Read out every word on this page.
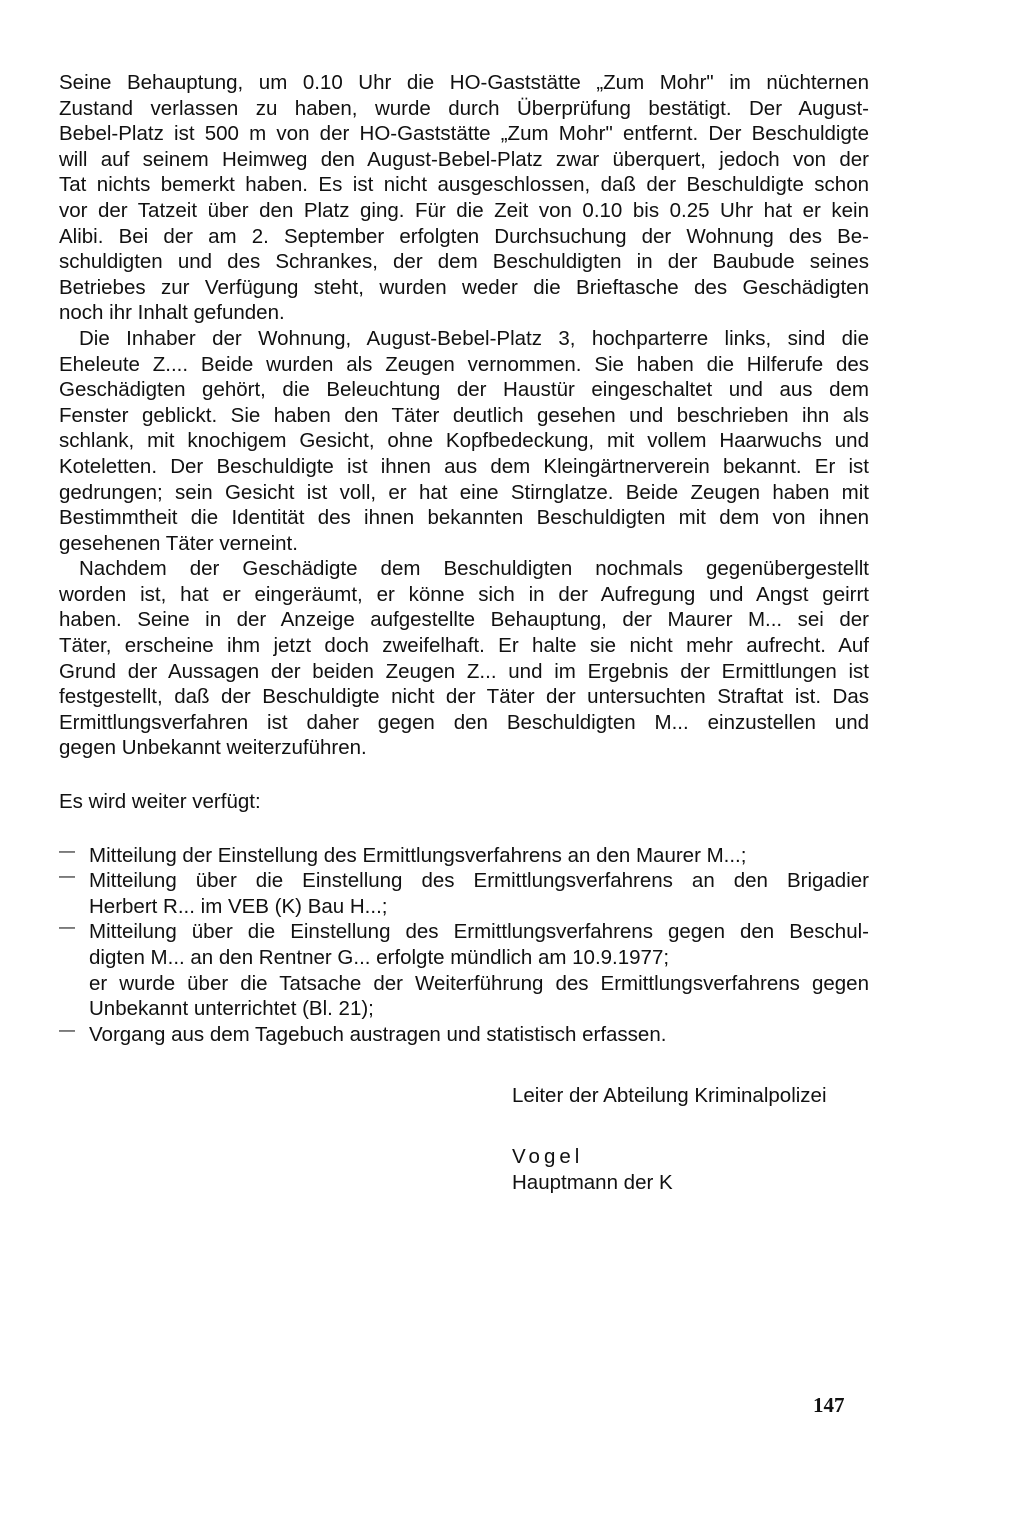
Seine Behauptung, um 0.10 Uhr die HO-Gaststätte „Zum Mohr" im nüchternen
Zustand verlassen zu haben, wurde durch Überprüfung bestätigt. Der August-
Bebel-Platz ist 500 m von der HO-Gaststätte „Zum Mohr" entfernt. Der Beschuldigte
will auf seinem Heimweg den August-Bebel-Platz zwar überquert, jedoch von der
Tat nichts bemerkt haben. Es ist nicht ausgeschlossen, daß der Beschuldigte schon
vor der Tatzeit über den Platz ging. Für die Zeit von 0.10 bis 0.25 Uhr hat er kein
Alibi. Bei der am 2. September erfolgten Durchsuchung der Wohnung des Be-
schuldigten und des Schrankes, der dem Beschuldigten in der Baubude seines
Betriebes zur Verfügung steht, wurden weder die Brieftasche des Geschädigten
noch ihr Inhalt gefunden.
Die Inhaber der Wohnung, August-Bebel-Platz 3, hochparterre links, sind die
Eheleute Z.... Beide wurden als Zeugen vernommen. Sie haben die Hilferufe des
Geschädigten gehört, die Beleuchtung der Haustür eingeschaltet und aus dem
Fenster geblickt. Sie haben den Täter deutlich gesehen und beschrieben ihn als
schlank, mit knochigem Gesicht, ohne Kopfbedeckung, mit vollem Haarwuchs und
Koteletten. Der Beschuldigte ist ihnen aus dem Kleingärtnerverein bekannt. Er ist
gedrungen; sein Gesicht ist voll, er hat eine Stirnglatze. Beide Zeugen haben mit
Bestimmtheit die Identität des ihnen bekannten Beschuldigten mit dem von ihnen
gesehenen Täter verneint.
Nachdem der Geschädigte dem Beschuldigten nochmals gegenübergestellt
worden ist, hat er eingeräumt, er könne sich in der Aufregung und Angst geirrt
haben. Seine in der Anzeige aufgestellte Behauptung, der Maurer M... sei der
Täter, erscheine ihm jetzt doch zweifelhaft. Er halte sie nicht mehr aufrecht. Auf
Grund der Aussagen der beiden Zeugen Z... und im Ergebnis der Ermittlungen ist
festgestellt, daß der Beschuldigte nicht der Täter der untersuchten Straftat ist. Das
Ermittlungsverfahren ist daher gegen den Beschuldigten M... einzustellen und
gegen Unbekannt weiterzuführen.
Es wird weiter verfügt:
— Mitteilung der Einstellung des Ermittlungsverfahrens an den Maurer M...;
— Mitteilung über die Einstellung des Ermittlungsverfahrens an den Brigadier
Herbert R... im VEB (K) Bau H...;
— Mitteilung über die Einstellung des Ermittlungsverfahrens gegen den Beschul-
digten M... an den Rentner G... erfolgte mündlich am 10.9.1977;
er wurde über die Tatsache der Weiterführung des Ermittlungsverfahrens gegen
Unbekannt unterrichtet (Bl. 21);
— Vorgang aus dem Tagebuch austragen und statistisch erfassen.
Leiter der Abteilung Kriminalpolizei
Vogel
Hauptmann der K
147
